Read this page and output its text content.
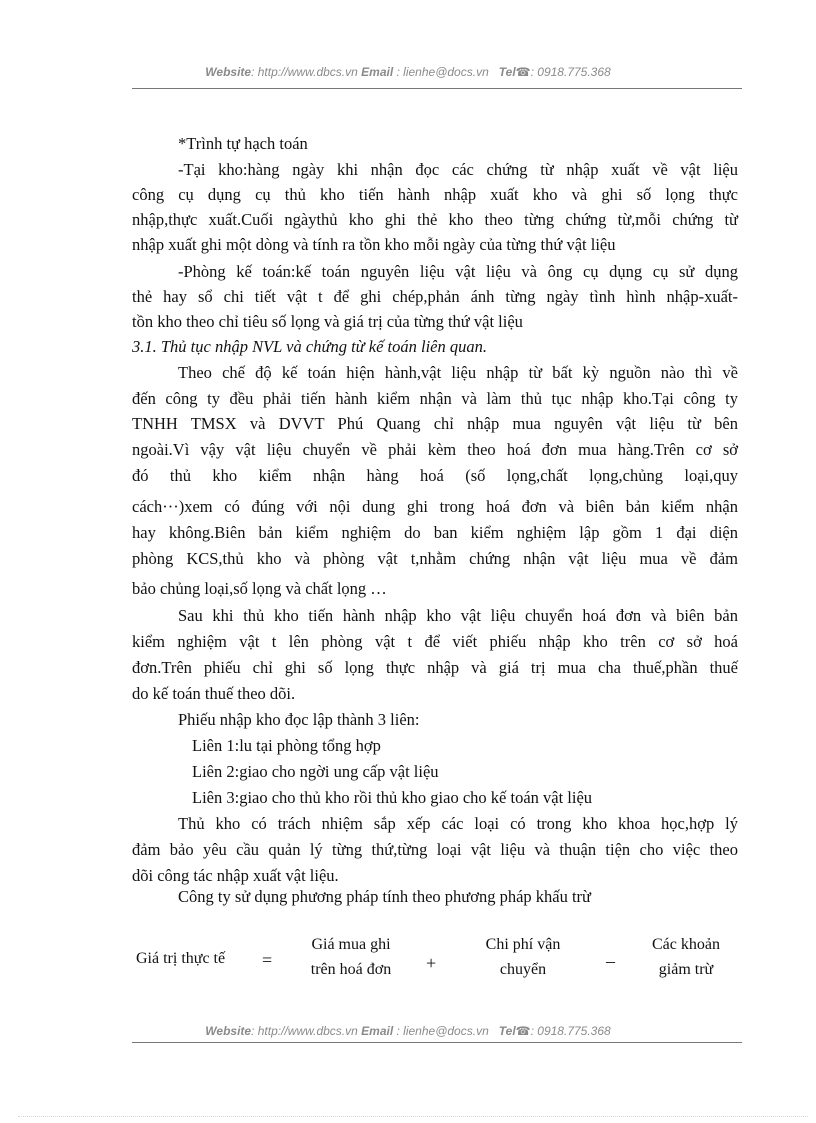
Website: http://www.dbcs.vn Email : lienhe@docs.vn Tel☎: 0918.775.368
*Trình tự hạch toán
-Tại kho:hàng ngày khi nhận đọc các chứng từ nhập xuất về vật liệu
công cụ dụng cụ thủ kho tiến hành nhập xuất kho và ghi số lọng thực
nhập,thực xuất.Cuối ngàythủ kho ghi thẻ kho theo từng chứng từ,mỗi chứng từ
nhập xuất ghi một dòng và tính ra tồn kho mỗi ngày của từng thứ vật liệu
-Phòng kế toán:kế toán nguyên liệu vật liệu và ông cụ dụng cụ sử dụng
thẻ hay sổ chi tiết vật t để ghi chép,phản ánh từng ngày tình hình nhập-xuất-
tồn kho theo chỉ tiêu số lọng và giá trị của từng thứ vật liệu
3.1. Thủ tục nhập NVL và chứng từ kế toán liên quan.
Theo chế độ kế toán hiện hành,vật liệu nhập từ bất kỳ nguồn nào thì về
đến công ty đều phải tiến hành kiểm nhận và làm thủ tục nhập kho.Tại công ty
TNHH TMSX và DVVT Phú Quang chỉ nhập mua nguyên vật liệu từ bên
ngoài.Vì vậy vật liệu chuyển về phải kèm theo hoá đơn mua hàng.Trên cơ sở
đó thủ kho kiểm nhận hàng hoá (số lọng,chất lọng,chủng loại,quy
cách···)xem có đúng với nội dung ghi trong hoá đơn và biên bản kiểm nhận
hay không.Biên bản kiểm nghiệm do ban kiểm nghiệm lập gồm 1 đại diện
phòng KCS,thủ kho và phòng vật t,nhằm chứng nhận vật liệu mua về đảm
bảo chủng loại,số lọng và chất lọng …
Sau khi thủ kho tiến hành nhập kho vật liệu chuyển hoá đơn và biên bản
kiểm nghiệm vật t lên phòng vật t để viết phiếu nhập kho trên cơ sở hoá
đơn.Trên phiếu chỉ ghi số lọng thực nhập và giá trị mua cha thuế,phần thuế
do kế toán thuế theo dõi.
Phiếu nhập kho đọc lập thành 3 liên:
Liên 1:lu tại phòng tổng hợp
Liên 2:giao cho ngời ung cấp vật liệu
Liên 3:giao cho thủ kho rồi thủ kho giao cho kế toán vật liệu
Thủ kho có trách nhiệm sắp xếp các loại có trong kho khoa học,hợp lý
đảm bảo yêu cầu quản lý từng thứ,từng loại vật liệu và thuận tiện cho việc theo
dõi công tác nhập xuất vật liệu.
Công ty sử dụng phương pháp tính theo phương pháp khấu trừ
Giá trị thực tế =
Giá mua ghi
trên hoá đơn	+
Chi phí vận
chuyển	–
Các khoản
giảm trừ
Website: http://www.dbcs.vn Email : lienhe@docs.vn Tel☎: 0918.775.368
